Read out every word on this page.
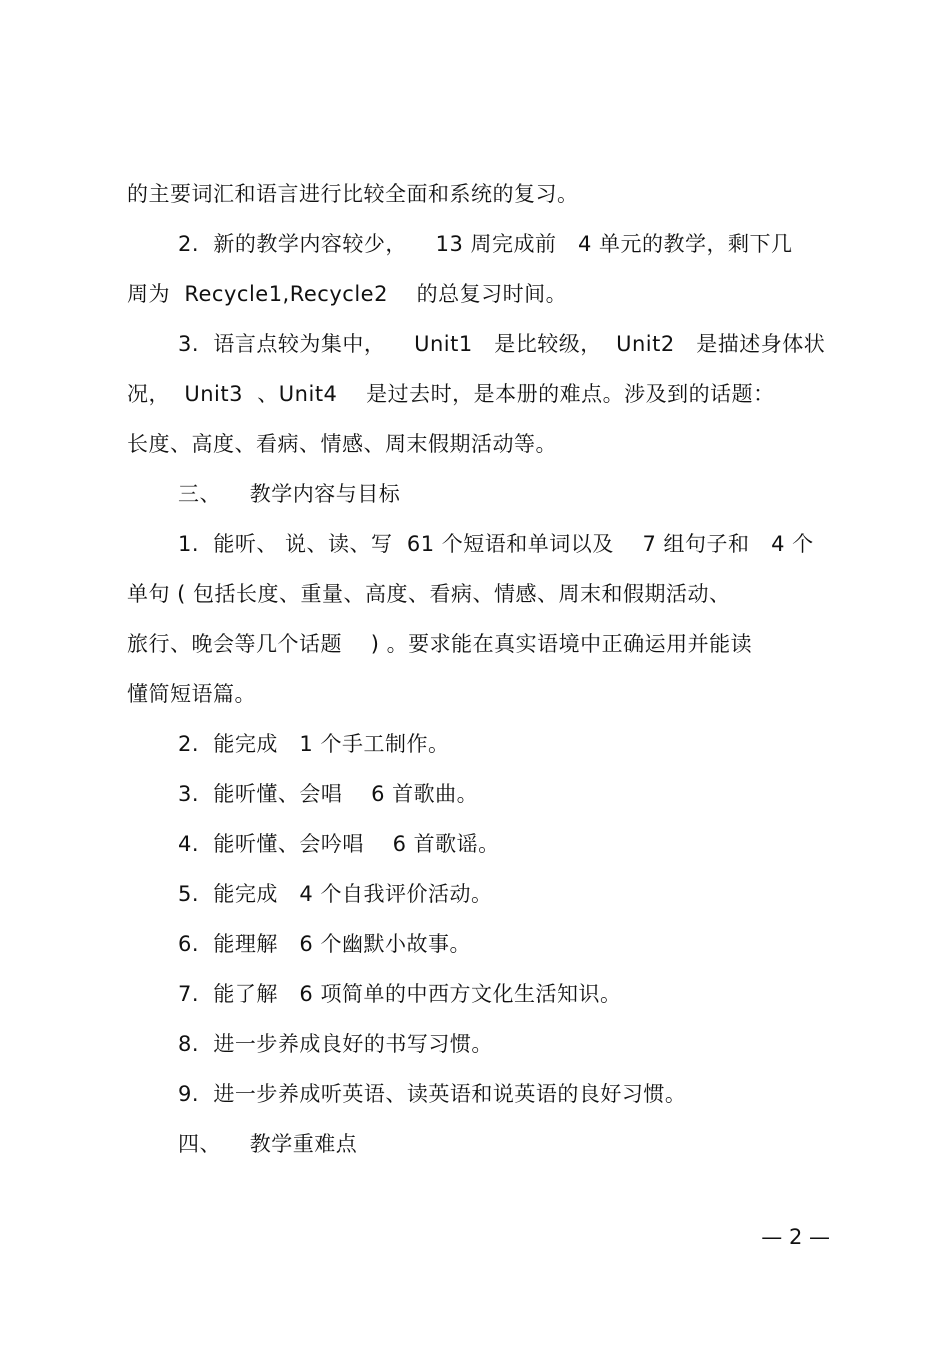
的主要词汇和语言进行比较全面和系统的复习。
2.  新的教学内容较少，    13 周完成前   4 单元的教学，剩下几
周为  Recycle1,Recycle2    的总复习时间。
3.  语言点较为集中，    Unit1   是比较级，  Unit2   是描述身体状
况，  Unit3  、Unit4    是过去时，是本册的难点。涉及到的话题：
长度、高度、看病、情感、周末假期活动等。
三、    教学内容与目标
1.  能听、 说、读、写  61 个短语和单词以及    7 组句子和   4 个
单句 ( 包括长度、重量、高度、看病、情感、周末和假期活动、
旅行、晚会等几个话题    ) 。要求能在真实语境中正确运用并能读
懂简短语篇。
2.  能完成   1 个手工制作。
3.  能听懂、会唱    6 首歌曲。
4.  能听懂、会吟唱    6 首歌谣。
5.  能完成   4 个自我评价活动。
6.  能理解   6 个幽默小故事。
7.  能了解   6 项简单的中西方文化生活知识。
8.  进一步养成良好的书写习惯。
9.  进一步养成听英语、读英语和说英语的良好习惯。
四、    教学重难点
— 2 —
